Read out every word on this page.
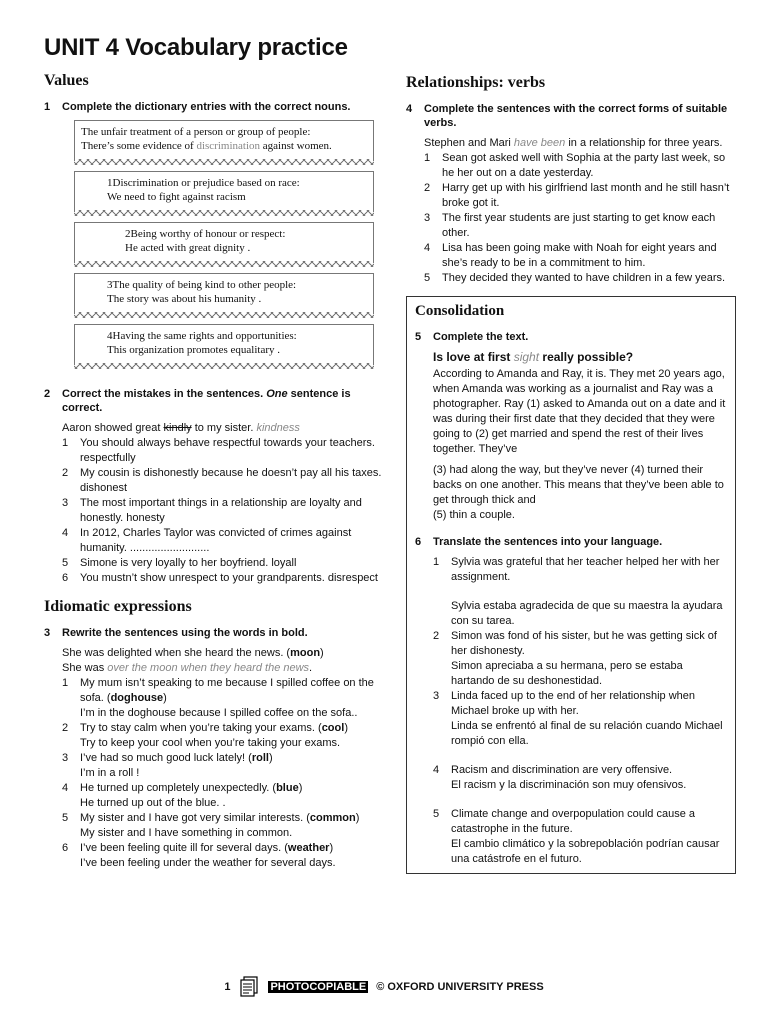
UNIT 4 Vocabulary practice
Values
1	Complete the dictionary entries with the correct nouns.
The unfair treatment of a person or group of people:
There’s some evidence of discrimination against women.
1Discrimination or prejudice based on race:
We need to fight against racism
2Being worthy of honour or respect:
He acted with great dignity .
3The quality of being kind to other people:
The story was about his humanity .
4Having the same rights and opportunities:
This organization promotes equalitary .
2	Correct the mistakes in the sentences. One sentence is correct.
Aaron showed great kindly to my sister. kindness
1	You should always behave respectful towards your teachers. respectfully
2	My cousin is dishonestly because he doesn’t pay all his taxes. dishonest
3	The most important things in a relationship are loyalty and honestly. honesty
4	In 2012, Charles Taylor was convicted of crimes against humanity. ..........................
5	Simone is very loyally to her boyfriend. loyall
6	You mustn’t show unrespect to your grandparents. disrespect
Idiomatic expressions
3	Rewrite the sentences using the words in bold.
She was delighted when she heard the news. (moon)
She was over the moon when they heard the news.
1	My mum isn’t speaking to me because I spilled coffee on the sofa. (doghouse)
I’m in the doghouse because I spilled coffee on the sofa..
2	Try to stay calm when you’re taking your exams. (cool)
Try to keep your cool when you’re taking your exams.
3	I’ve had so much good luck lately! (roll)
I’m in a roll !
4	He turned up completely unexpectedly. (blue)
He turned up out of the blue. .
5	My sister and I have got very similar interests. (common)
My sister and I have something in common.
6	I’ve been feeling quite ill for several days. (weather)
I’ve been feeling under the weather for several days.
Relationships: verbs
4	Complete the sentences with the correct forms of suitable verbs.
Stephen and Mari have been in a relationship for three years.
1	Sean got asked well with Sophia at the party last week, so he her out on a date yesterday.
2	Harry get up with his girlfriend last month and he still hasn’t broke got it.
3	The first year students are just starting to get know each other.
4	Lisa has been going make with Noah for eight years and she’s ready to be in a commitment to him.
5	They decided they wanted to have children in a few years.
Consolidation
5	Complete the text.
Is love at first sight really possible?
According to Amanda and Ray, it is. They met 20 years ago, when Amanda was working as a journalist and Ray was a photographer. Ray (1) asked to Amanda out on a date and it was during their first date that they decided that they were going to (2) get married and spend the rest of their lives together. They’ve
(3) had along the way, but they’ve never (4) turned their backs on one another. This means that they’ve been able to get through thick and
(5) thin a couple.
6	Translate the sentences into your language.
1	Sylvia was grateful that her teacher helped her with her assignment.
Sylvia estaba agradecida de que su maestra la ayudara con su tarea.
2	Simon was fond of his sister, but he was getting sick of her dishonesty.
Simon apreciaba a su hermana, pero se estaba hartando de su deshonestidad.
3	Linda faced up to the end of her relationship when Michael broke up with her.
Linda se enfrentó al final de su relación cuando Michael rompió con ella.
4	Racism and discrimination are very offensive.
El racism y la discriminación son muy ofensivos.
5	Climate change and overpopulation could cause a catastrophe in the future.
El cambio climático y la sobrepoblación podrían causar una catástrofe en el futuro.
1	PHOTOCOPIABLE © OXFORD UNIVERSITY PRESS
